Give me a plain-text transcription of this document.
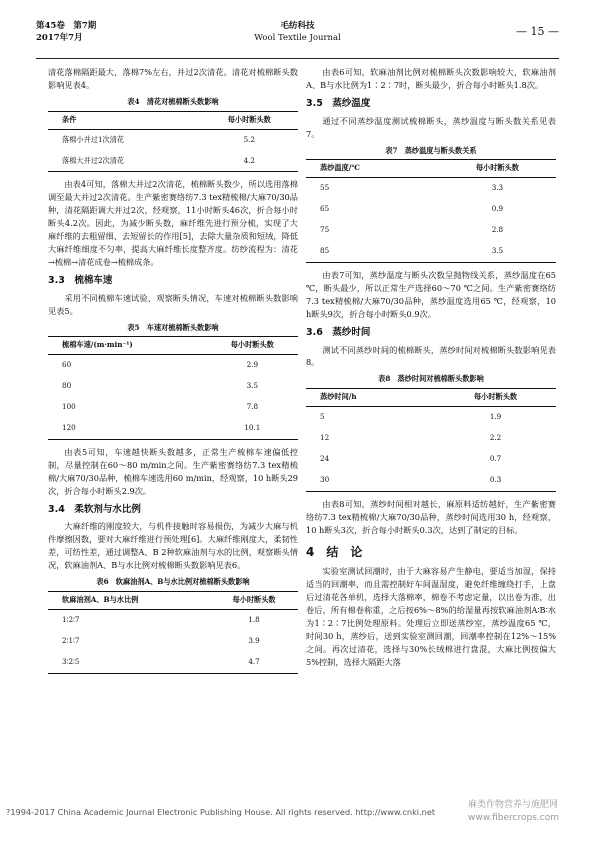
第45卷　第7期
2017年7月
毛纺科技
Wool Textile Journal	— 15 —

清花落棉隔距最大，落棉7%左右，并过2次清花。清花对梳棉断头数影响见表4。

表4　清花对梳棉断头数影响
条件	每小时断头数
落棉小并过1次清花	5.2
落棉大并过2次清花	4.2

由表4可知，落棉大并过2次清花，梳棉断头数少，所以选用落棉调至最大并过2次清花。生产紫密赛络纺7.3 tex精梳棉/大麻70/30品种，清花隔距调大并过2次，经观察，11小时断头46次，折合每小时断头4.2次。因此，为减少断头数，麻纤维先进行预分梳，实现了大麻纤维的去粗留细、去短留长的作用[5]，去除大量杂质和短绒，降低大麻纤维细度不匀率，提高大麻纤维长度整齐度。纺纱流程为：清花→梳棉→清花成卷→梳棉成条。

3.3　梳棉车速

采用不同梳棉车速试验，观察断头情况，车速对梳棉断头数影响见表5。

表5　车速对梳棉断头数影响
梳棉车速/(m·min⁻¹)	每小时断头数
60	2.9
80	3.5
100	7.8
120	10.1

由表5可知，车速越快断头数越多，正常生产梳棉车速偏低控制，尽量控制在60～80 m/min之间。生产紫密赛络纺7.3 tex精梳棉/大麻70/30品种，梳棉车速选用60 m/min，经观察，10 h断头29次，折合每小时断头2.9次。

3.4　柔软剂与水比例

大麻纤维的刚度较大，与机件接触时容易损伤，为减少大麻与机件摩擦因数，要对大麻纤维进行预处理[6]。大麻纤维刚度大，柔韧性差，可纺性差，通过调整A、B 2种软麻油剂与水的比例，观察断头情况，软麻油剂A、B与水比例对梳棉断头数影响见表6。

表6　软麻油剂A、B与水比例对梳棉断头数影响
软麻油剂A、B与水比例	每小时断头数
1∶2∶7	1.8
2∶1∶7	3.9
3∶2∶5	4.7

由表6可知，软麻油剂比例对梳棉断头次数影响较大，软麻油剂A、B与水比例为1∶2∶7时，断头最少，折合每小时断头1.8次。

3.5　蒸纱温度

通过不同蒸纱温度测试梳棉断头，蒸纱温度与断头数关系见表7。

表7　蒸纱温度与断头数关系
蒸纱温度/℃	每小时断头数
55	3.3
65	0.9
75	2.8
85	3.5

由表7可知，蒸纱温度与断头次数呈抛物线关系，蒸纱温度在65 ℃，断头最少，所以正常生产选择60～70 ℃之间。生产紫密赛络纺7.3 tex精梳棉/大麻70/30品种，蒸纱温度选用65 ℃，经观察，10 h断头9次，折合每小时断头0.9次。

3.6　蒸纱时间

测试不同蒸纱时间的梳棉断头，蒸纱时间对梳棉断头数影响见表8。

表8　蒸纱时间对梳棉断头数影响
蒸纱时间/h	每小时断头数
5	1.9
12	2.2
24	0.7
30	0.3

由表8可知，蒸纱时间相对越长，麻原料适纺越好，生产紫密赛络纺7.3 tex精梳棉/大麻70/30品种，蒸纱时间选用30 h，经观察，10 h断头3次，折合每小时断头0.3次，达到了制定的目标。

4　结　论

实验室测试回潮时，由于大麻容易产生静电，要适当加湿，保持适当的回潮率，而且需控制好车间温湿度，避免纤维缠绕打手，上盘后过清花各单机，选择大落棉率，棉卷不考虑定量，以出卷为准，出卷后，所有棉卷称重，之后按6%～8%的给湿量再按软麻油剂A∶B∶水为1∶2∶7比例处理原料。处理后立即送蒸纱室，蒸纱温度65 ℃，时间30 h，蒸纱后，送到实验室测回潮，回潮率控制在12%～15%之间。再次过清花，选择与30%长绒棉进行盘混，大麻比例按偏大5%控制，选择大隔距大落

?1994-2017 China Academic Journal Electronic Publishing House. All rights reserved. http://www.cnki.net
麻类作物营养与施肥网
www.fibercrops.com
